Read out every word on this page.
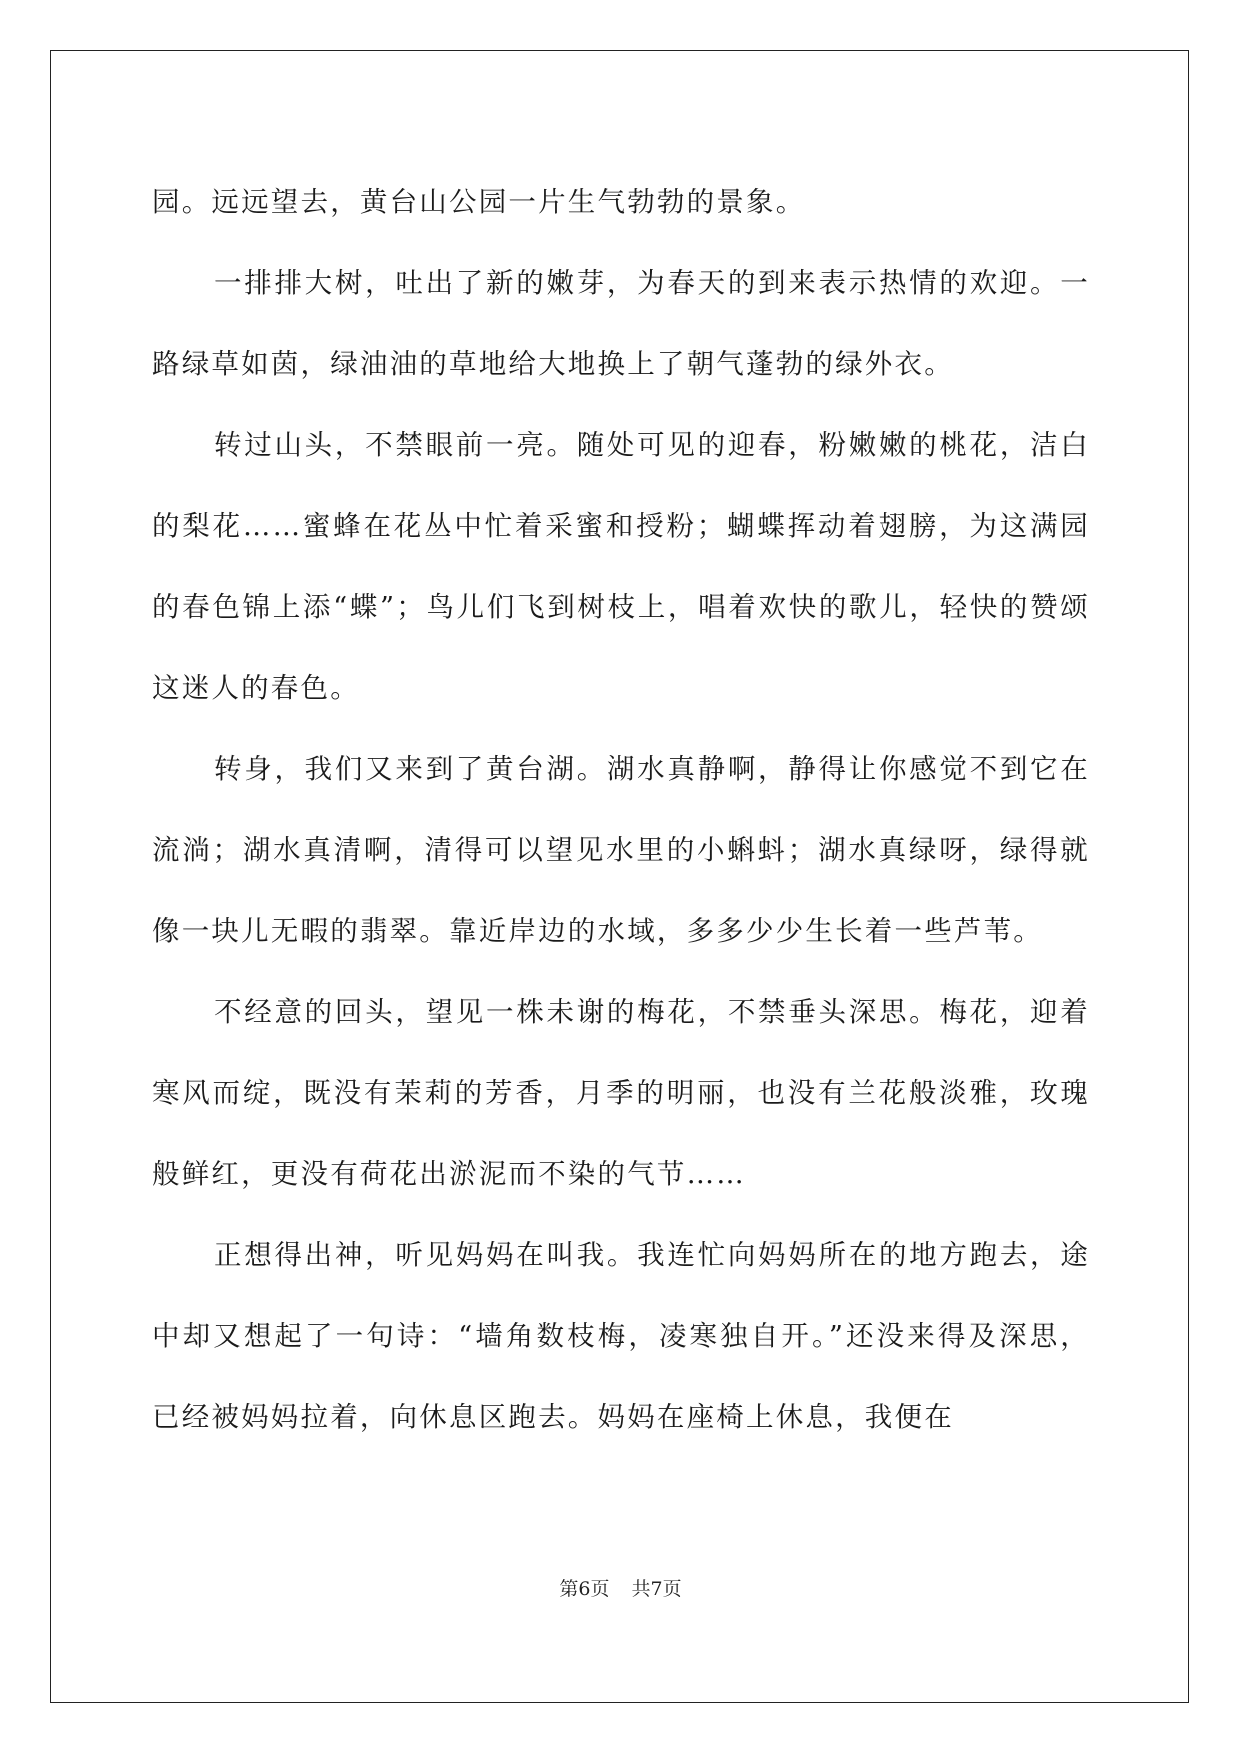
园。远远望去，黄台山公园一片生气勃勃的景象。

一排排大树，吐出了新的嫩芽，为春天的到来表示热情的欢迎。一路绿草如茵，绿油油的草地给大地换上了朝气蓬勃的绿外衣。

转过山头，不禁眼前一亮。随处可见的迎春，粉嫩嫩的桃花，洁白的梨花……蜜蜂在花丛中忙着采蜜和授粉；蝴蝶挥动着翅膀，为这满园的春色锦上添“蝶”；鸟儿们飞到树枝上，唱着欢快的歌儿，轻快的赞颂这迷人的春色。

转身，我们又来到了黄台湖。湖水真静啊，静得让你感觉不到它在流淌；湖水真清啊，清得可以望见水里的小蝌蚪；湖水真绿呀，绿得就像一块儿无暇的翡翠。靠近岸边的水域，多多少少生长着一些芦苇。

不经意的回头，望见一株未谢的梅花，不禁垂头深思。梅花，迎着寒风而绽，既没有茉莉的芳香，月季的明丽，也没有兰花般淡雅，玫瑰般鲜红，更没有荷花出淤泥而不染的气节……

正想得出神，听见妈妈在叫我。我连忙向妈妈所在的地方跑去，途中却又想起了一句诗：“墙角数枝梅，凌寒独自开。”还没来得及深思，已经被妈妈拉着，向休息区跑去。妈妈在座椅上休息，我便在

第6页 共7页
